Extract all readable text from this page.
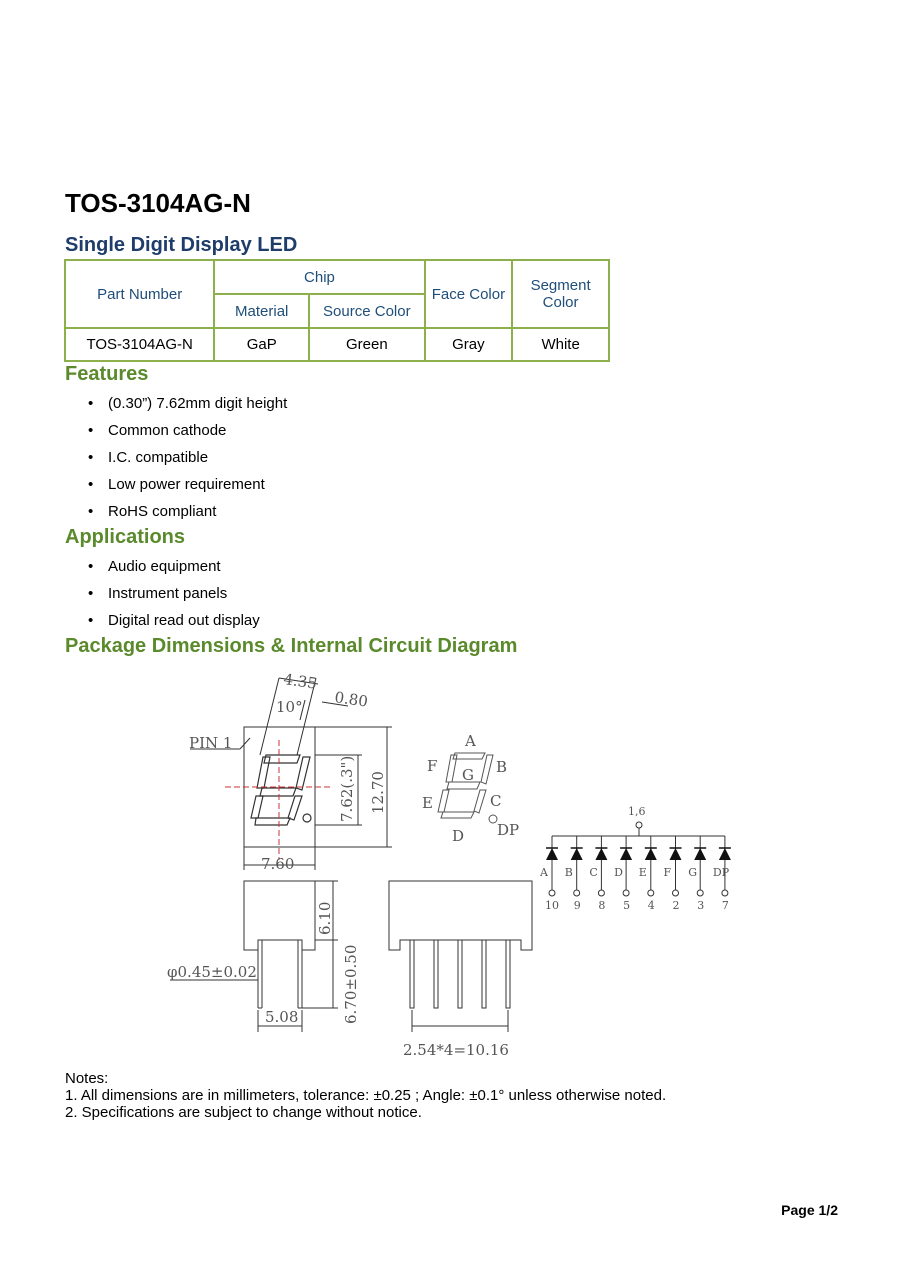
TOS-3104AG-N
Single Digit Display LED
Part Number	Chip		Face Color	Segment Color
	Material	Source Color		
TOS-3104AG-N	GaP	Green	Gray	White
Features
• (0.30”) 7.62mm digit height
• Common cathode
• I.C. compatible
• Low power requirement
• RoHS compliant
Applications
• Audio equipment
• Instrument panels
• Digital read out display
Package Dimensions & Internal Circuit Diagram
4.35
0.80
10°
PIN 1
7.62(.3") 12.70
7.60
6.10
6.70±0.50
φ0.45±0.02
5.08
2.54*4=10.16
A
B
C
D
E
F G
DP
1,6
A
10
B
9
C
8
D
5
E
4
F
2
G
3
DP
7
Notes:
1. All dimensions are in millimeters, tolerance: ±0.25 ; Angle: ±0.1° unless otherwise noted.
2. Specifications are subject to change without notice.
Page 1/2
